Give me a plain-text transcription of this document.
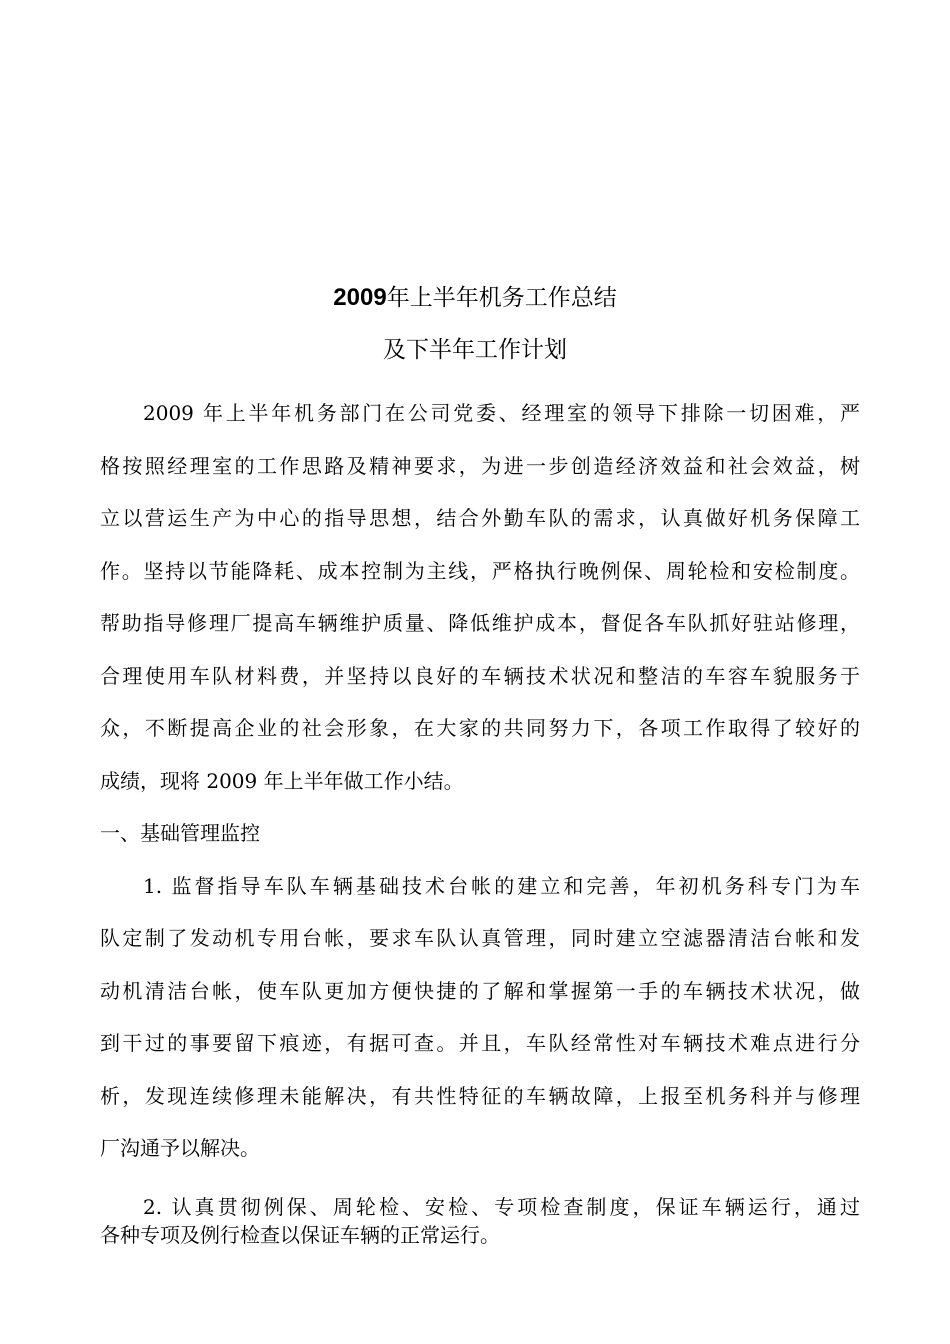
2009年上半年机务工作总结
及下半年工作计划
2009 年上半年机务部门在公司党委、经理室的领导下排除一切困难，严
格按照经理室的工作思路及精神要求，为进一步创造经济效益和社会效益，树
立以营运生产为中心的指导思想，结合外勤车队的需求，认真做好机务保障工
作。坚持以节能降耗、成本控制为主线，严格执行晚例保、周轮检和安检制度。
帮助指导修理厂提高车辆维护质量、降低维护成本，督促各车队抓好驻站修理，
合理使用车队材料费，并坚持以良好的车辆技术状况和整洁的车容车貌服务于
众，不断提高企业的社会形象，在大家的共同努力下，各项工作取得了较好的
成绩，现将 2009 年上半年做工作小结。
一、基础管理监控
1. 监督指导车队车辆基础技术台帐的建立和完善，年初机务科专门为车
队定制了发动机专用台帐，要求车队认真管理，同时建立空滤器清洁台帐和发
动机清洁台帐，使车队更加方便快捷的了解和掌握第一手的车辆技术状况，做
到干过的事要留下痕迹，有据可查。并且，车队经常性对车辆技术难点进行分
析，发现连续修理未能解决，有共性特征的车辆故障，上报至机务科并与修理
厂沟通予以解决。
2. 认真贯彻例保、周轮检、安检、专项检查制度，保证车辆运行，通过
各种专项及例行检查以保证车辆的正常运行。
